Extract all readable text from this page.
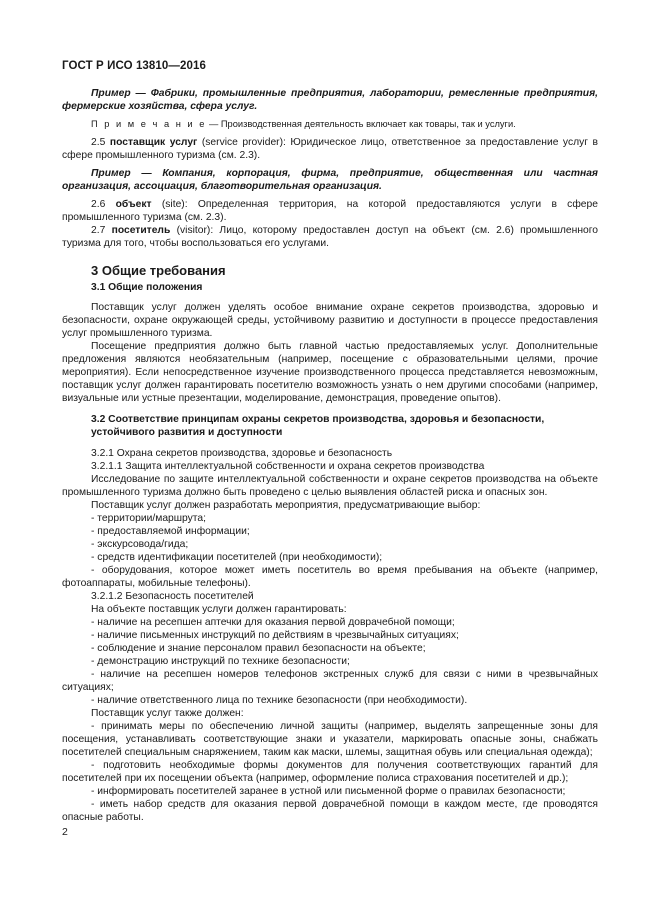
ГОСТ Р ИСО 13810—2016

Пример — Фабрики, промышленные предприятия, лаборатории, ремесленные предприятия, фермерские хозяйства, сфера услуг.

П р и м е ч а н и е — Производственная деятельность включает как товары, так и услуги.

2.5 поставщик услуг (service provider): Юридическое лицо, ответственное за предоставление услуг в сфере промышленного туризма (см. 2.3).

Пример — Компания, корпорация, фирма, предприятие, общественная или частная организация, ассоциация, благотворительная организация.

2.6 объект (site): Определенная территория, на которой предоставляются услуги в сфере промышленного туризма (см. 2.3).

2.7 посетитель (visitor): Лицо, которому предоставлен доступ на объект (см. 2.6) промышленного туризма для того, чтобы воспользоваться его услугами.

3 Общие требования
3.1 Общие положения

Поставщик услуг должен уделять особое внимание охране секретов производства, здоровью и безопасности, охране окружающей среды, устойчивому развитию и доступности в процессе предоставления услуг промышленного туризма.

Посещение предприятия должно быть главной частью предоставляемых услуг. Дополнительные предложения являются необязательным (например, посещение с образовательными целями, прочие мероприятия). Если непосредственное изучение производственного процесса представляется невозможным, поставщик услуг должен гарантировать посетителю возможность узнать о нем другими способами (например, визуальные или устные презентации, моделирование, демонстрация, проведение опытов).

3.2 Соответствие принципам охраны секретов производства, здоровья и безопасности,
устойчивого развития и доступности

3.2.1 Охрана секретов производства, здоровье и безопасность

3.2.1.1 Защита интеллектуальной собственности и охрана секретов производства

Исследование по защите интеллектуальной собственности и охране секретов производства на объекте промышленного туризма должно быть проведено с целью выявления областей риска и опасных зон.

Поставщик услуг должен разработать мероприятия, предусматривающие выбор:

- территории/маршрута;

- предоставляемой информации;

- экскурсовода/гида;

- средств идентификации посетителей (при необходимости);

- оборудования, которое может иметь посетитель во время пребывания на объекте (например, фотоаппараты, мобильные телефоны).

3.2.1.2 Безопасность посетителей

На объекте поставщик услуги должен гарантировать:

- наличие на ресепшен аптечки для оказания первой доврачебной помощи;

- наличие письменных инструкций по действиям в чрезвычайных ситуациях;

- соблюдение и знание персоналом правил безопасности на объекте;

- демонстрацию инструкций по технике безопасности;

- наличие на ресепшен номеров телефонов экстренных служб для связи с ними в чрезвычайных ситуациях;

- наличие ответственного лица по технике безопасности (при необходимости).

Поставщик услуг также должен:

- принимать меры по обеспечению личной защиты (например, выделять запрещенные зоны для посещения, устанавливать соответствующие знаки и указатели, маркировать опасные зоны, снабжать посетителей специальным снаряжением, таким как маски, шлемы, защитная обувь или специальная одежда);

- подготовить необходимые формы документов для получения соответствующих гарантий для посетителей при их посещении объекта (например, оформление полиса страхования посетителей и др.);

- информировать посетителей заранее в устной или письменной форме о правилах безопасности;

- иметь набор средств для оказания первой доврачебной помощи в каждом месте, где проводятся опасные работы.

2
